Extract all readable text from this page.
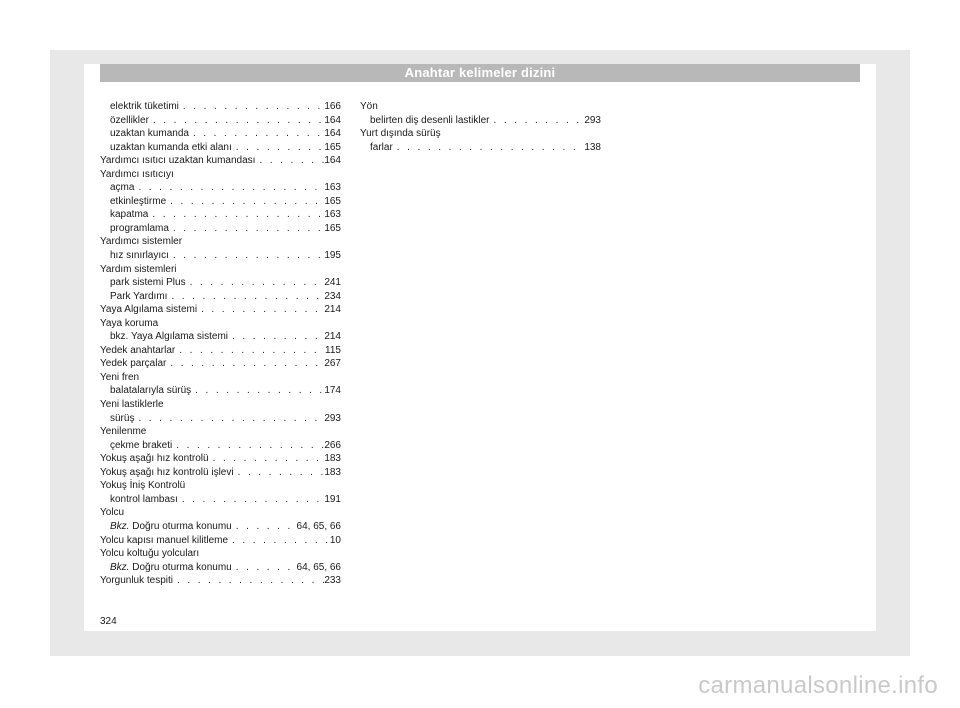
Anahtar kelimeler dizini
elektrik tüketimi . . .	166
özellikler . . .	164
uzaktan kumanda . . .	164
uzaktan kumanda etki alanı . . .	165
Yardımcı ısıtıcı uzaktan kumandası . . .	164
Yardımcı ısıtıcıyı
açma . . .	163
etkinleştirme . . .	165
kapatma . . .	163
programlama . . .	165
Yardımcı sistemler
hız sınırlayıcı . . .	195
Yardım sistemleri
park sistemi Plus . . .	241
Park Yardımı . . .	234
Yaya Algılama sistemi . . .	214
Yaya koruma
bkz. Yaya Algılama sistemi . . .	214
Yedek anahtarlar . . .	115
Yedek parçalar . . .	267
Yeni fren
balatalarıyla sürüş . . .	174
Yeni lastiklerle
sürüş . . .	293
Yenilenme
çekme braketi . . .	266
Yokuş aşağı hız kontrolü . . .	183
Yokuş aşağı hız kontrolü işlevi . . .	183
Yokuş İniş Kontrolü
kontrol lambası . . .	191
Yolcu
Bkz. Doğru oturma konumu . . .	64, 65, 66
Yolcu kapısı manuel kilitleme . . .	10
Yolcu koltuğu yolcuları
Bkz. Doğru oturma konumu . . .	64, 65, 66
Yorgunluk tespiti . . .	233
Yön
belirten diş desenli lastikler . . .	293
Yurt dışında sürüş
farlar . . .	138
324
carmanualsonline.info
